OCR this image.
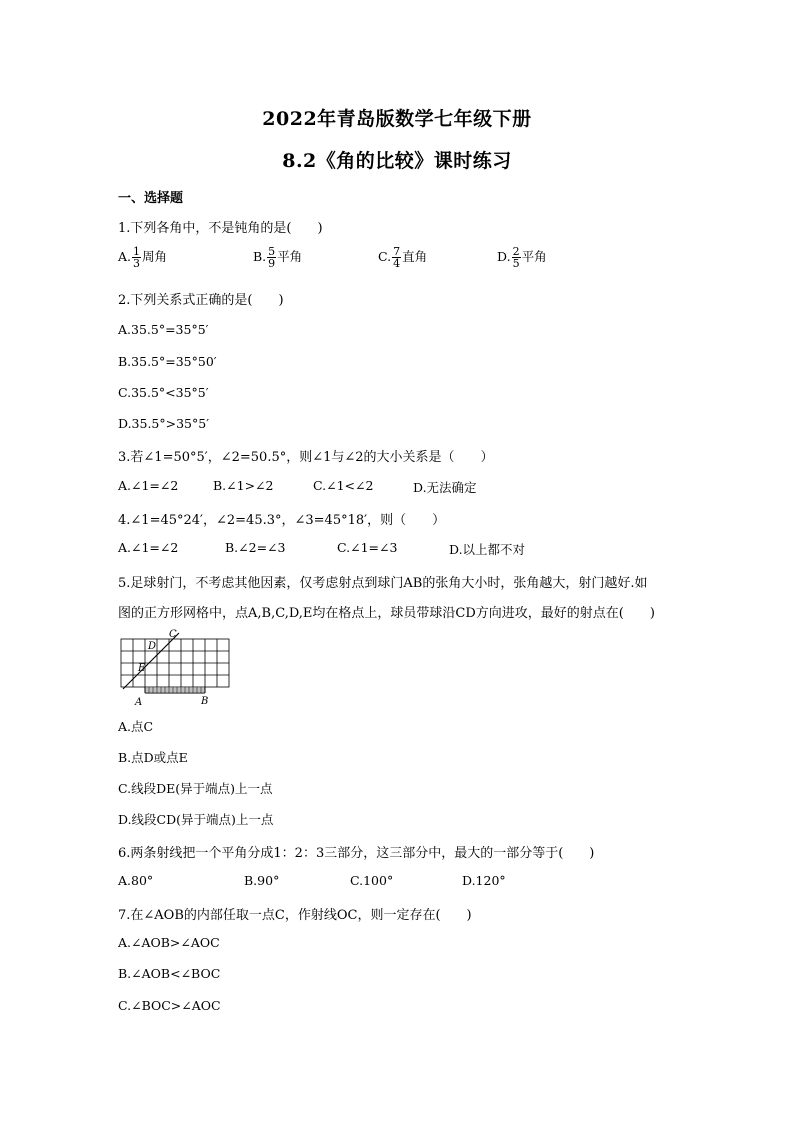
2022年青岛版数学七年级下册
8.2《角的比较》课时练习
一、选择题
1.下列各角中，不是钝角的是(　　)
A. $\frac{1}{3}$ 周角	B. $\frac{5}{9}$ 平角	C. $\frac{7}{4}$ 直角	D. $\frac{2}{5}$ 平角
2.下列关系式正确的是(　　)
A.35.5°=35°5′
B.35.5°=35°50′
C.35.5°<35°5′
D.35.5°>35°5′
3.若∠1=50°5′，∠2=50.5°，则∠1与∠2的大小关系是（　　）
A.∠1=∠2	B.∠1>∠2	C.∠1<∠2	D.无法确定
4.∠1=45°24′，∠2=45.3°，∠3=45°18′，则（　　）
A.∠1=∠2	B.∠2=∠3	C.∠1=∠3	D.以上都不对
5.足球射门，不考虑其他因素，仅考虑射点到球门AB的张角大小时，张角越大，射门越好.如
图的正方形网格中，点A,B,C,D,E均在格点上，球员带球沿CD方向进攻，最好的射点在(　　)
A	B
C
D
E
A.点C
B.点D或点E
C.线段DE(异于端点)上一点
D.线段CD(异于端点)上一点
6.两条射线把一个平角分成1：2：3三部分，这三部分中，最大的一部分等于(　　)
A.80°	B.90°	C.100°	D.120°
7.在∠AOB的内部任取一点C，作射线OC，则一定存在(　　)
A.∠AOB>∠AOC
B.∠AOB<∠BOC
C.∠BOC>∠AOC
